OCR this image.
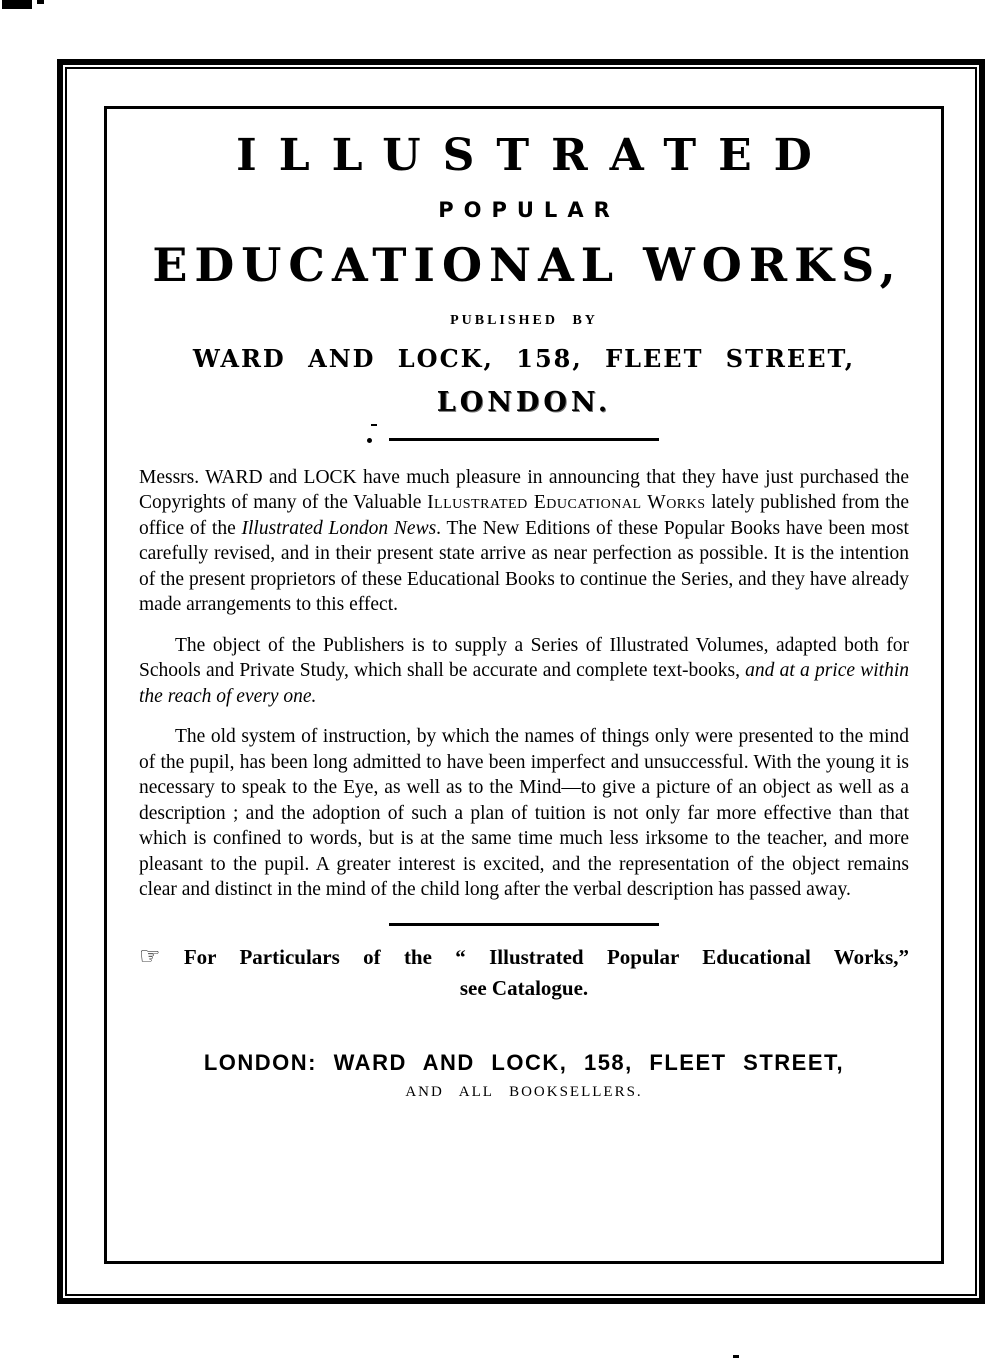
ILLUSTRATED
POPULAR
EDUCATIONAL WORKS,
PUBLISHED BY
WARD AND LOCK, 158, FLEET STREET,
LONDON.

Messrs. WARD and LOCK have much pleasure in announcing that they have just purchased the Copyrights of many of the Valuable Illustrated Educational Works lately published from the office of the Illustrated London News. The New Editions of these Popular Books have been most carefully revised, and in their present state arrive as near perfection as possible. It is the intention of the present proprietors of these Educational Books to continue the Series, and they have already made arrangements to this effect.

The object of the Publishers is to supply a Series of Illustrated Volumes, adapted both for Schools and Private Study, which shall be accurate and complete text-books, and at a price within the reach of every one.

The old system of instruction, by which the names of things only were presented to the mind of the pupil, has been long admitted to have been imperfect and unsuccessful. With the young it is necessary to speak to the Eye, as well as to the Mind—to give a picture of an object as well as a description ; and the adoption of such a plan of tuition is not only far more effective than that which is confined to words, but is at the same time much less irksome to the teacher, and more pleasant to the pupil. A greater interest is excited, and the representation of the object remains clear and distinct in the mind of the child long after the verbal description has passed away.

☞ For Particulars of the “ Illustrated Popular Educational Works,”
see Catalogue.
LONDON: WARD AND LOCK, 158, FLEET STREET,
AND ALL BOOKSELLERS.
